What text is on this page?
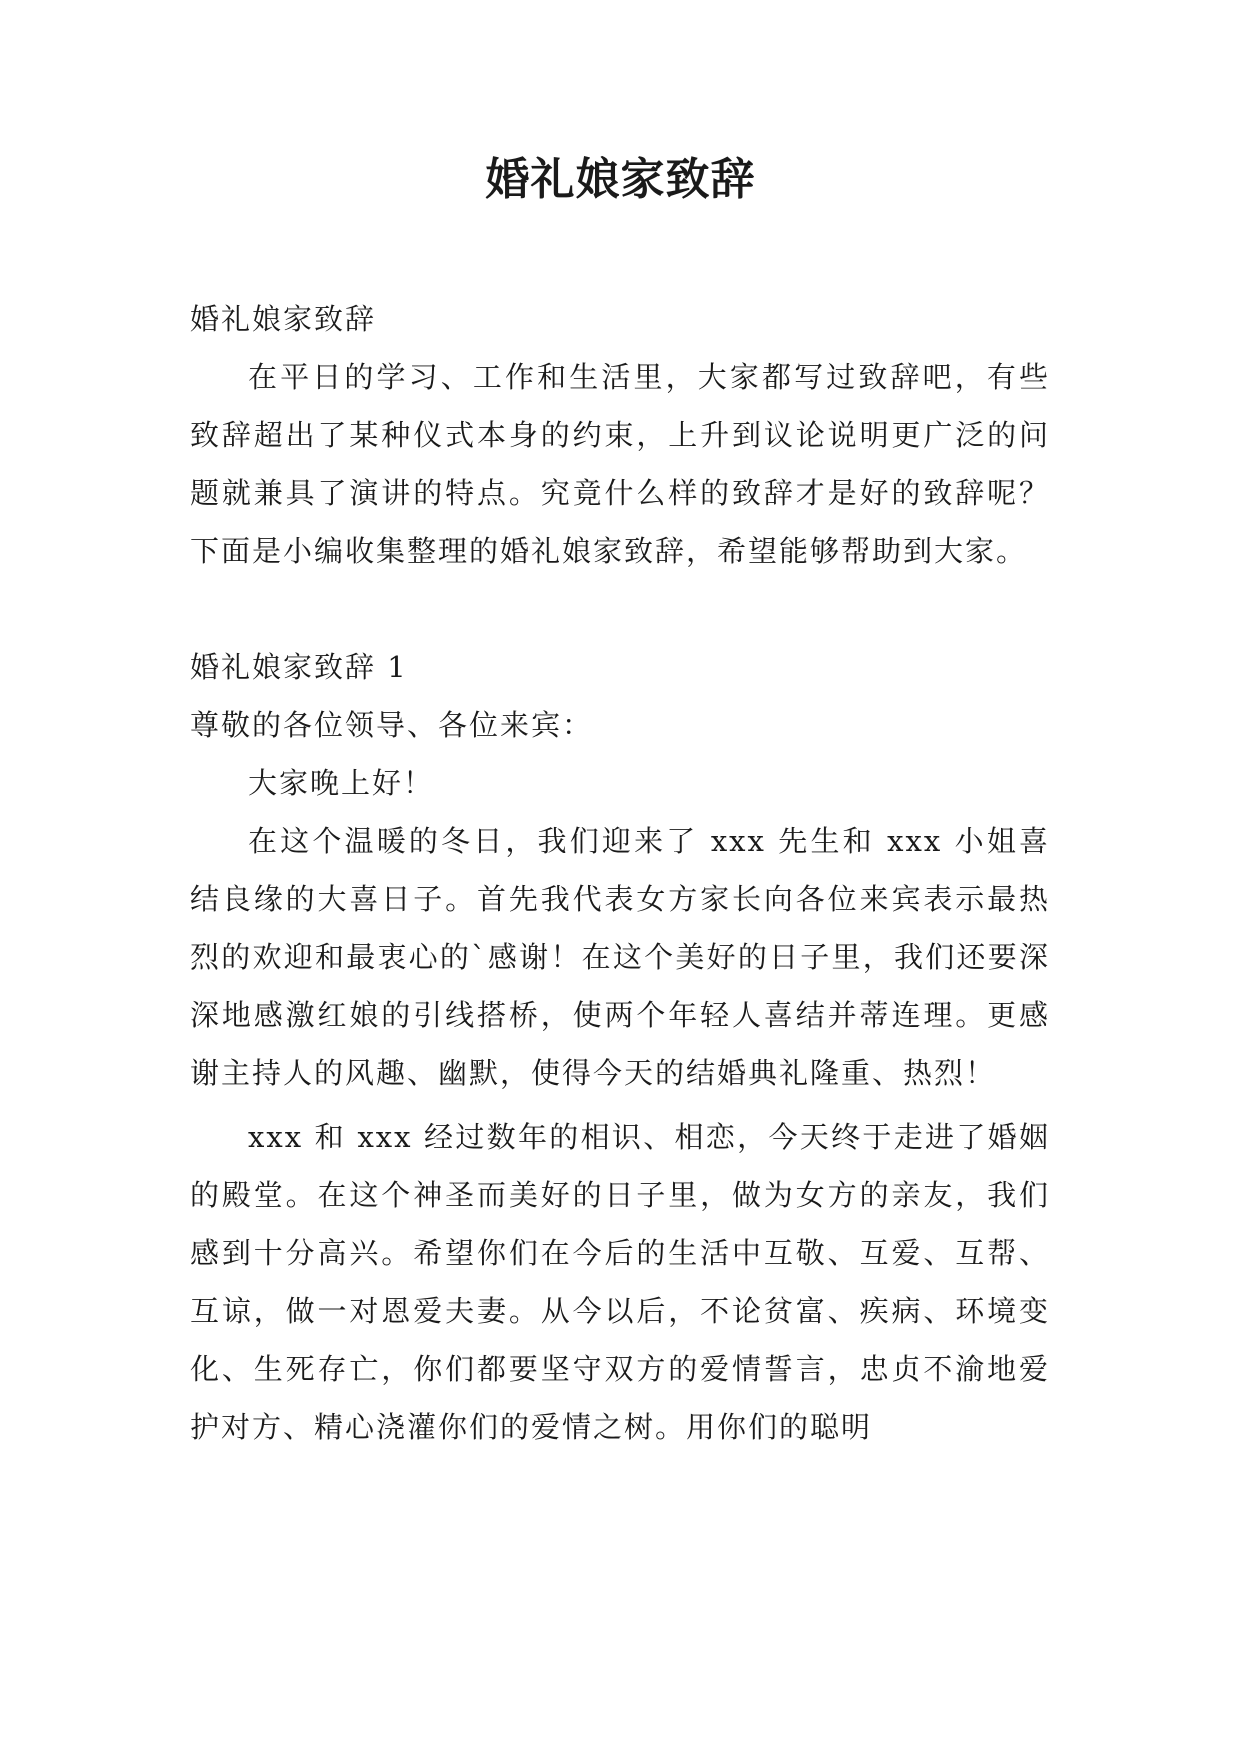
婚礼娘家致辞

婚礼娘家致辞

在平日的学习、工作和生活里，大家都写过致辞吧，有些致辞超出了某种仪式本身的约束，上升到议论说明更广泛的问题就兼具了演讲的特点。究竟什么样的致辞才是好的致辞呢？下面是小编收集整理的婚礼娘家致辞，希望能够帮助到大家。

婚礼娘家致辞 1

尊敬的各位领导、各位来宾：

大家晚上好！

在这个温暖的冬日，我们迎来了 xxx 先生和 xxx 小姐喜结良缘的大喜日子。首先我代表女方家长向各位来宾表示最热烈的欢迎和最衷心的`感谢！在这个美好的日子里，我们还要深深地感激红娘的引线搭桥，使两个年轻人喜结并蒂连理。更感谢主持人的风趣、幽默，使得今天的结婚典礼隆重、热烈！

xxx 和 xxx 经过数年的相识、相恋，今天终于走进了婚姻的殿堂。在这个神圣而美好的日子里，做为女方的亲友，我们感到十分高兴。希望你们在今后的生活中互敬、互爱、互帮、互谅，做一对恩爱夫妻。从今以后，不论贫富、疾病、环境变化、生死存亡，你们都要坚守双方的爱情誓言，忠贞不渝地爱护对方、精心浇灌你们的爱情之树。用你们的聪明
